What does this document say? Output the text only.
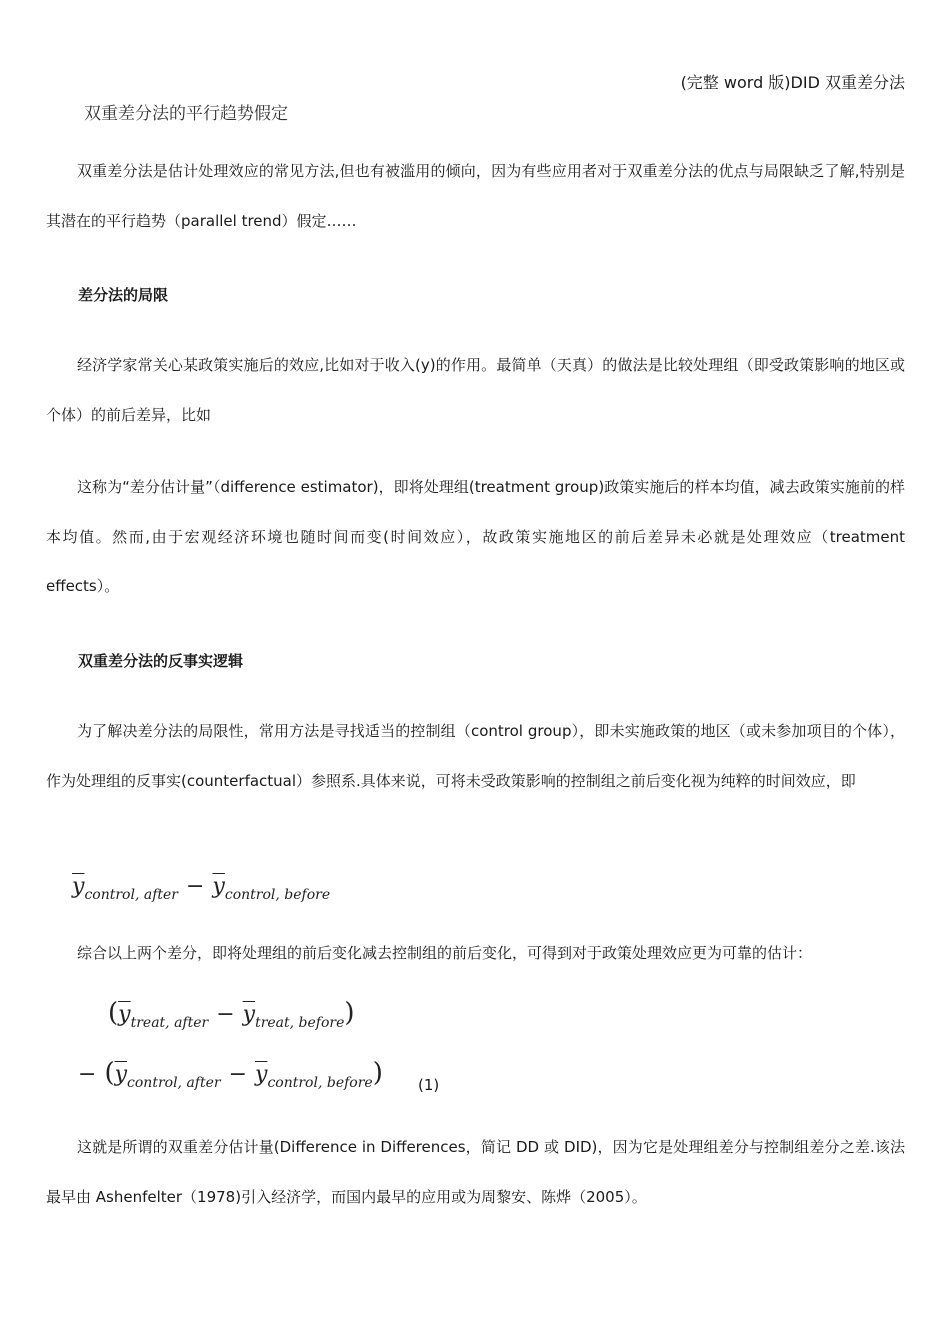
(完整 word 版)DID 双重差分法
双重差分法的平行趋势假定
双重差分法是估计处理效应的常见方法,但也有被滥用的倾向，因为有些应用者对于双重差分法的优点与局限缺乏了解,特别是其潜在的平行趋势（parallel trend）假定……
差分法的局限
经济学家常关心某政策实施后的效应,比如对于收入(y)的作用。最简单（天真）的做法是比较处理组（即受政策影响的地区或个体）的前后差异，比如
这称为“差分估计量”（difference estimator)，即将处理组(treatment group)政策实施后的样本均值，减去政策实施前的样本均值。然而,由于宏观经济环境也随时间而变(时间效应），故政策实施地区的前后差异未必就是处理效应（treatment effects）。
双重差分法的反事实逻辑
为了解决差分法的局限性，常用方法是寻找适当的控制组（control group），即未实施政策的地区（或未参加项目的个体），作为处理组的反事实(counterfactual）参照系.具体来说，可将未受政策影响的控制组之前后变化视为纯粹的时间效应，即
$\overline{y}_{control, after} - \overline{y}_{control, before}$
综合以上两个差分，即将处理组的前后变化减去控制组的前后变化，可得到对于政策处理效应更为可靠的估计：
$(\overline{y}_{treat, after} - \overline{y}_{treat, before})$
− $(\overline{y}_{control, after} - \overline{y}_{control, before})$ (1)
这就是所谓的双重差分估计量(Difference in Differences，简记 DD 或 DID)，因为它是处理组差分与控制组差分之差.该法最早由 Ashenfelter（1978)引入经济学，而国内最早的应用或为周黎安、陈烨（2005）。
